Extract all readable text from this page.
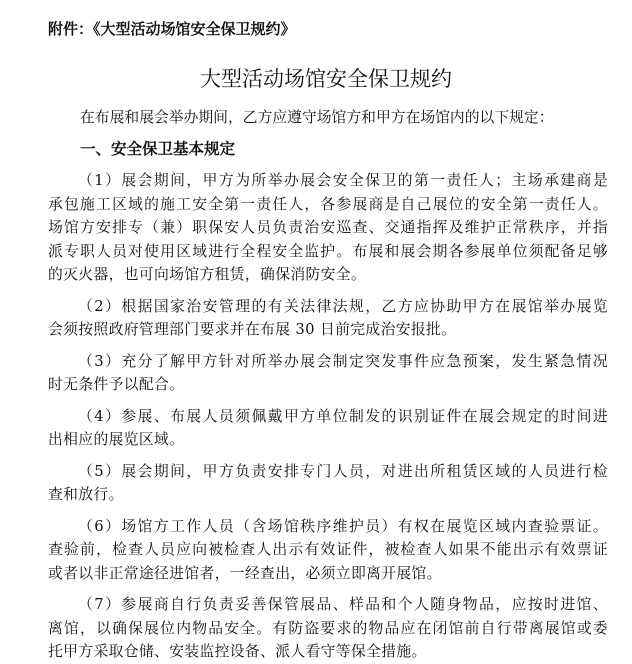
附件：《大型活动场馆安全保卫规约》
大型活动场馆安全保卫规约
在布展和展会举办期间，乙方应遵守场馆方和甲方在场馆内的以下规定：
一、安全保卫基本规定
（1）展会期间，甲方为所举办展会安全保卫的第一责任人；主场承建商是
承包施工区域的施工安全第一责任人，各参展商是自己展位的安全第一责任人。
场馆方安排专（兼）职保安人员负责治安巡查、交通指挥及维护正常秩序，并指
派专职人员对使用区域进行全程安全监护。布展和展会期各参展单位须配备足够
的灭火器，也可向场馆方租赁，确保消防安全。
（2）根据国家治安管理的有关法律法规，乙方应协助甲方在展馆举办展览
会须按照政府管理部门要求并在布展 30 日前完成治安报批。
（3）充分了解甲方针对所举办展会制定突发事件应急预案，发生紧急情况
时无条件予以配合。
（4）参展、布展人员须佩戴甲方单位制发的识别证件在展会规定的时间进
出相应的展览区域。
（5）展会期间，甲方负责安排专门人员，对进出所租赁区域的人员进行检
查和放行。
（6）场馆方工作人员（含场馆秩序维护员）有权在展览区域内查验票证。
查验前，检查人员应向被检查人出示有效证件，被检查人如果不能出示有效票证
或者以非正常途径进馆者，一经查出，必须立即离开展馆。
（7）参展商自行负责妥善保管展品、样品和个人随身物品，应按时进馆、
离馆，以确保展位内物品安全。有防盗要求的物品应在闭馆前自行带离展馆或委
托甲方采取仓储、安装监控设备、派人看守等保全措施。
